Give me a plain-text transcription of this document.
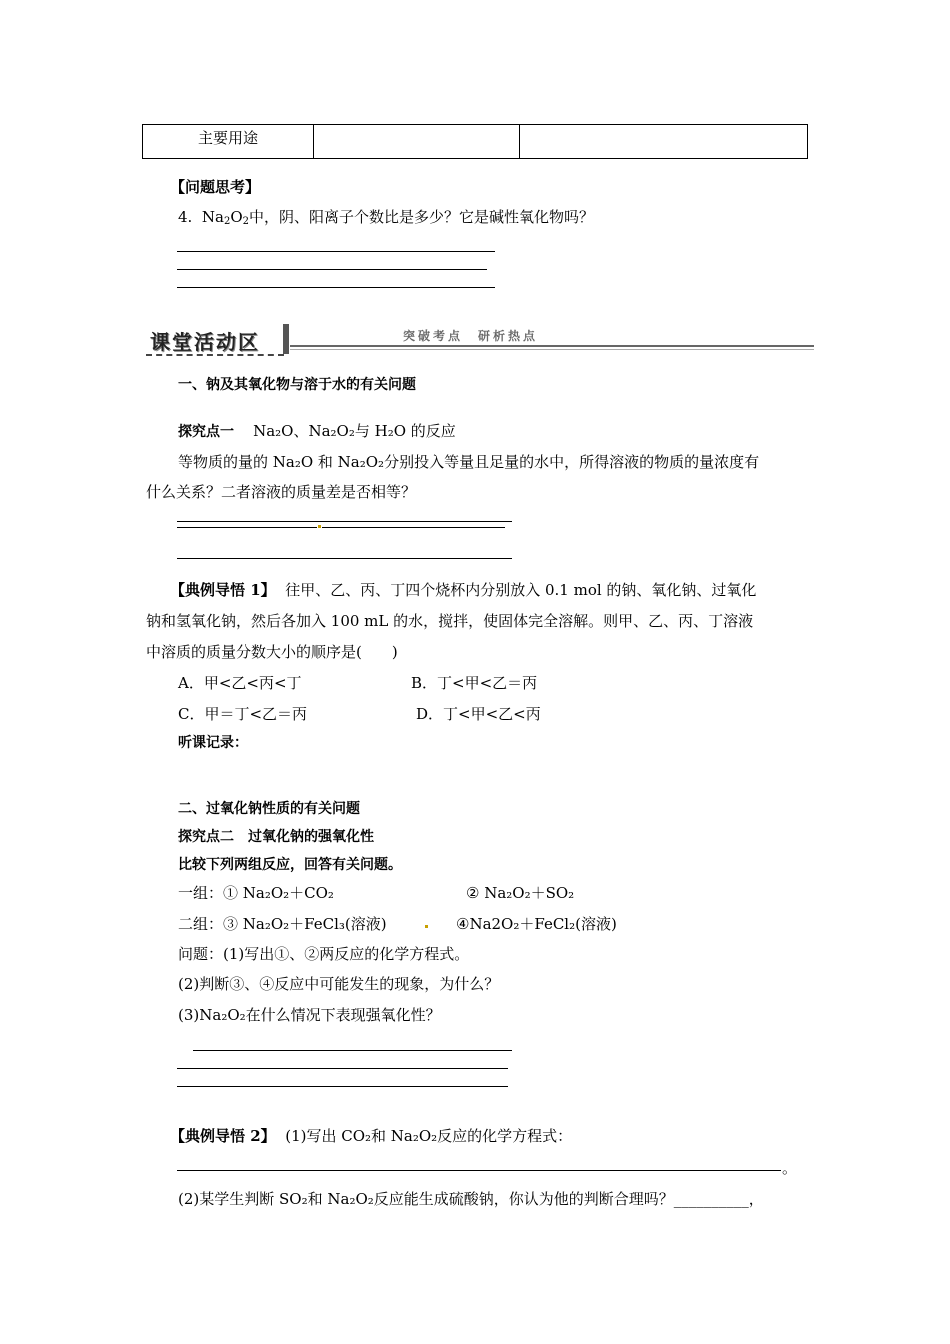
主要用途		
【问题思考】
4. $Na_2O_2$中，阴、阳离子个数比是多少？它是碱性氧化物吗？
课堂活动区	突破考点　研析热点
一、钠及其氧化物与溶于水的有关问题
探究点一 Na₂O、Na₂O₂与 H₂O 的反应
等物质的量的 Na₂O 和 Na₂O₂分别投入等量且足量的水中，所得溶液的物质的量浓度有
什么关系？二者溶液的质量差是否相等？
【典例导悟 1】 往甲、乙、丙、丁四个烧杯内分别放入 0.1 mol 的钠、氧化钠、过氧化
钠和氢氧化钠，然后各加入 100 mL 的水，搅拌，使固体完全溶解。则甲、乙、丙、丁溶液
中溶质的质量分数大小的顺序是(　　)
A．甲<乙<丙<丁	B．丁<甲<乙＝丙
C．甲＝丁<乙＝丙	D．丁<甲<乙<丙
听课记录：
二、过氧化钠性质的有关问题
探究点二　过氧化钠的强氧化性
比较下列两组反应，回答有关问题。
一组：① Na₂O₂＋CO₂	② Na₂O₂＋SO₂
二组：③ Na₂O₂＋FeCl₃(溶液)	④Na2O₂＋FeCl₂(溶液)
问题：(1)写出①、②两反应的化学方程式。
(2)判断③、④反应中可能发生的现象，为什么？
(3)Na₂O₂在什么情况下表现强氧化性？
【典例导悟 2】 (1)写出 CO₂和 Na₂O₂反应的化学方程式：
。
(2)某学生判断 SO₂和 Na₂O₂反应能生成硫酸钠，你认为他的判断合理吗？__________，
